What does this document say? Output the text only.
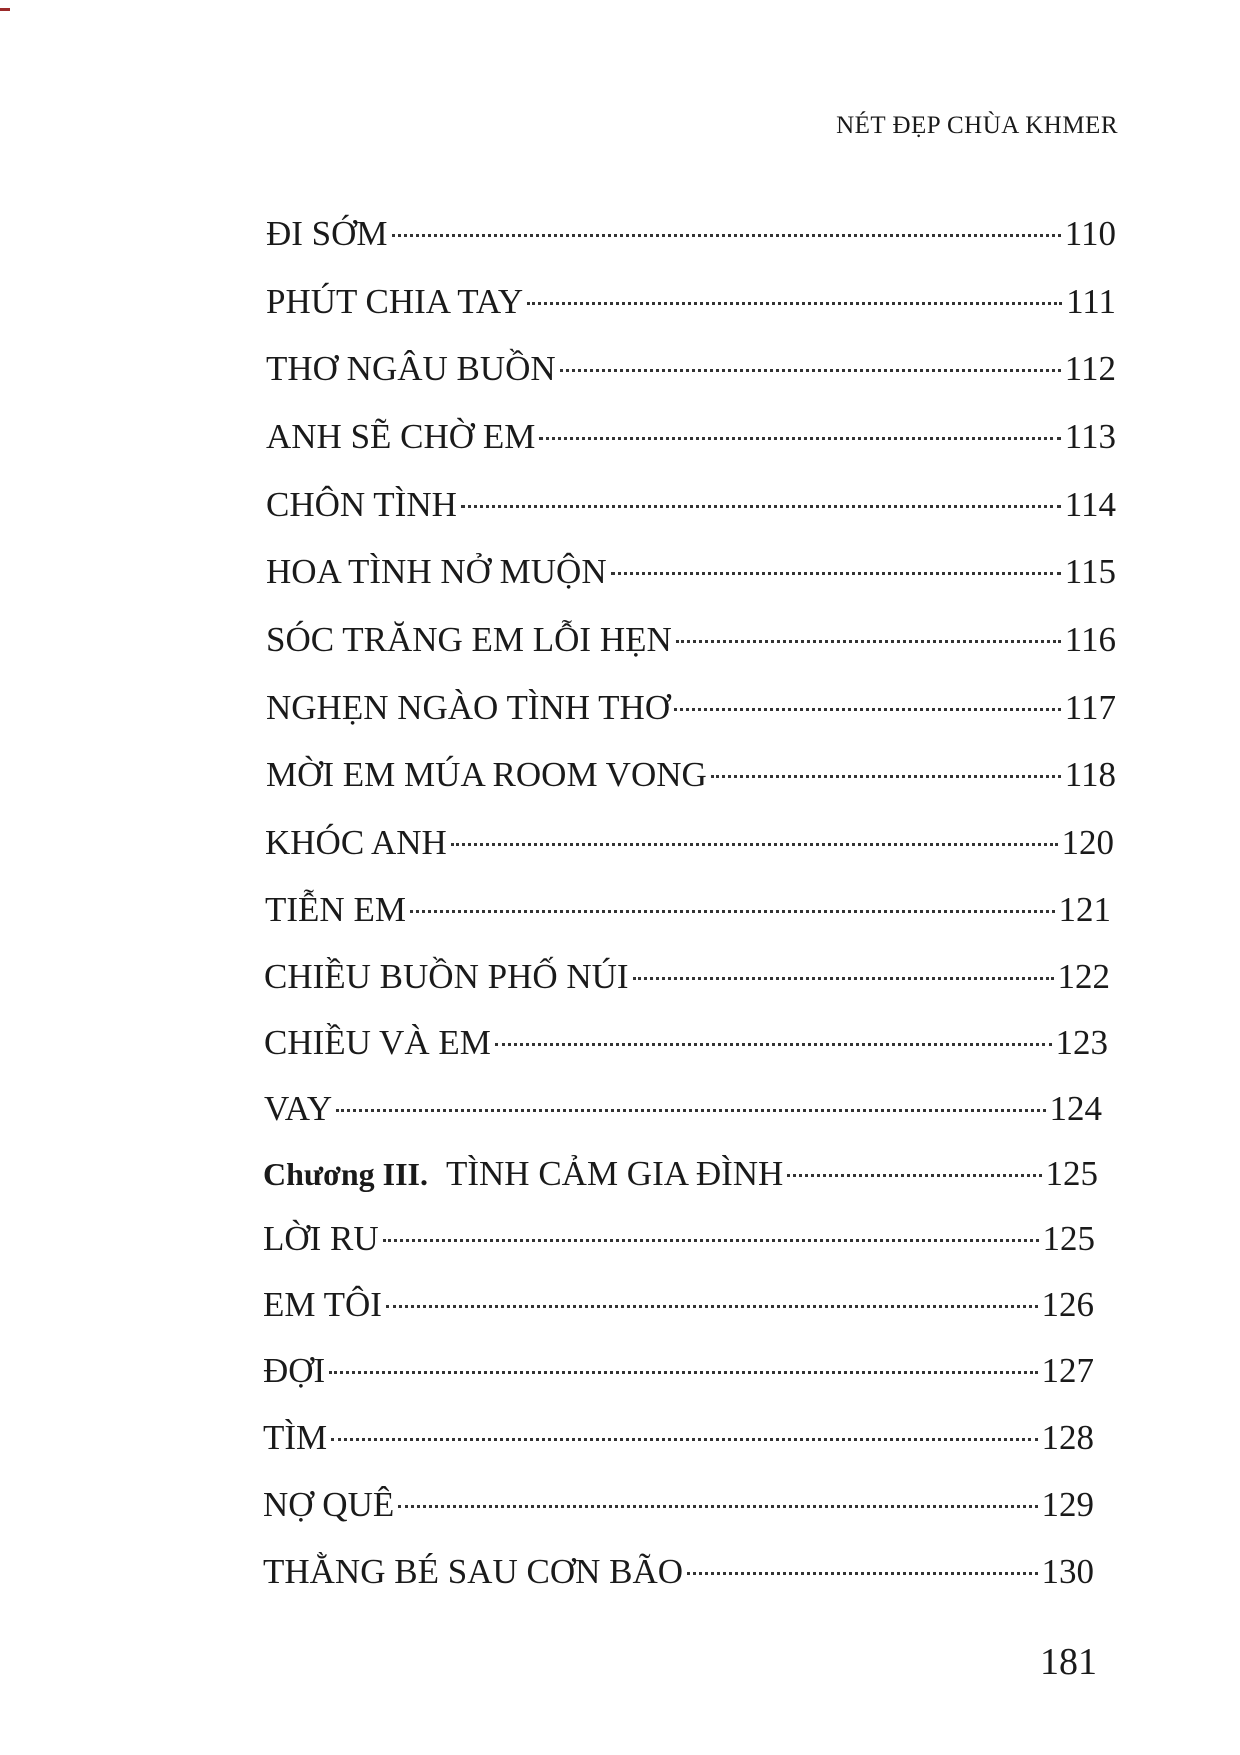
NÉT ĐẸP CHÙA KHMER
ĐI SỚM	110
PHÚT CHIA TAY	111
THƠ NGÂU BUỒN	112
ANH SẼ CHỜ EM	113
CHÔN TÌNH	114
HOA TÌNH NỞ MUỘN	115
SÓC TRĂNG EM LỖI HẸN	116
NGHẸN NGÀO TÌNH THƠ	117
MỜI EM MÚA ROOM VONG	118
KHÓC ANH	120
TIỄN EM	121
CHIỀU BUỒN PHỐ NÚI	122
CHIỀU VÀ EM	123
VAY	124
Chương III. TÌNH CẢM GIA ĐÌNH	125
LỜI RU	125
EM TÔI	126
ĐỢI	127
TÌM	128
NỢ QUÊ	129
THẰNG BÉ SAU CƠN BÃO	130
181
